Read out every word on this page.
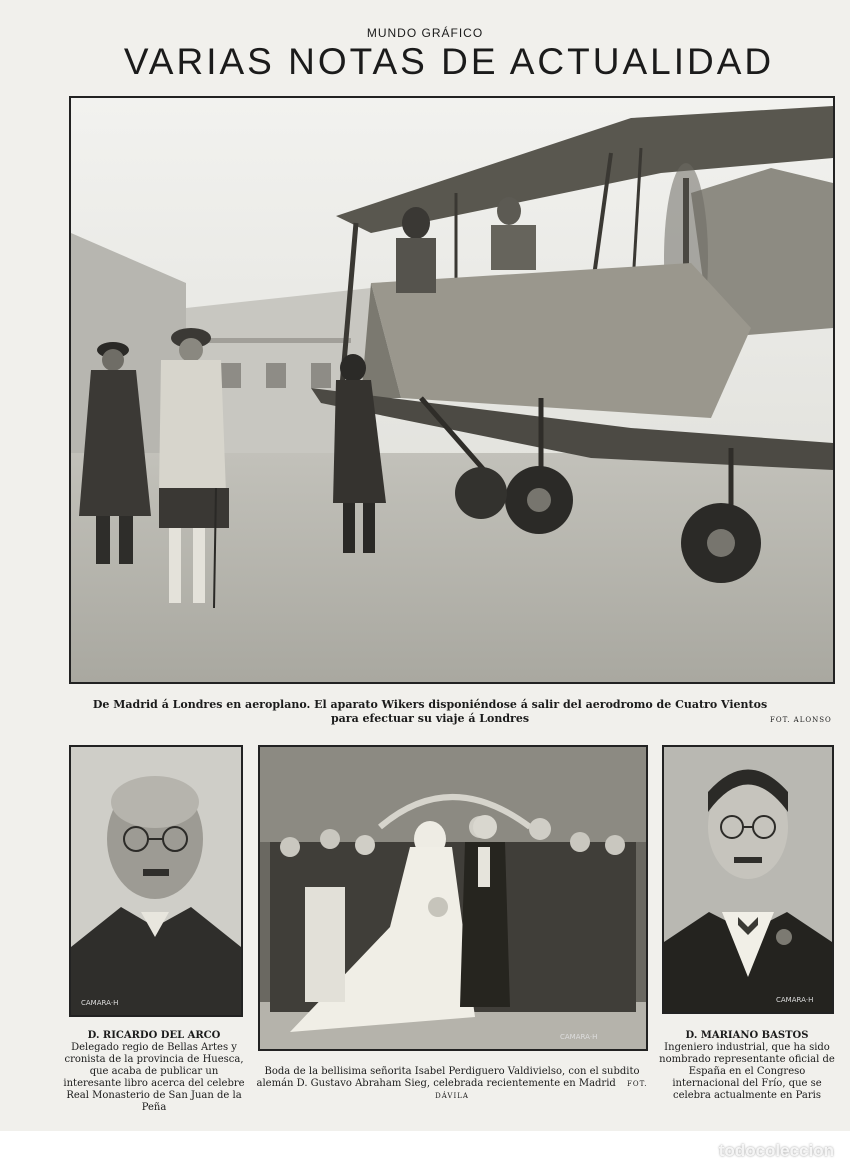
MUNDO GRÁFICO
VARIAS NOTAS DE ACTUALIDAD
De Madrid á Londres en aeroplano. El aparato Wikers disponiéndose á salir del aerodromo de Cuatro Vientos para efectuar su viaje á Londres	FOT. ALONSO
CAMARA·H
D. RICARDO DEL ARCO
Delegado regio de Bellas Artes y cronista de la provincia de Huesca, que acaba de publicar un interesante libro acerca del celebre Real Monasterio de San Juan de la Peña
CAMARA·H
Boda de la bellisima señorita Isabel Perdiguero Valdivielso, con el subdito alemán D. Gustavo Abraham Sieg, celebrada recientemente en Madrid FOT. DÁVILA
CAMARA·H
D. MARIANO BASTOS
Ingeniero industrial, que ha sido nombrado representante oficial de España en el Congreso internacional del Frío, que se celebra actualmente en Paris
todocoleccion
